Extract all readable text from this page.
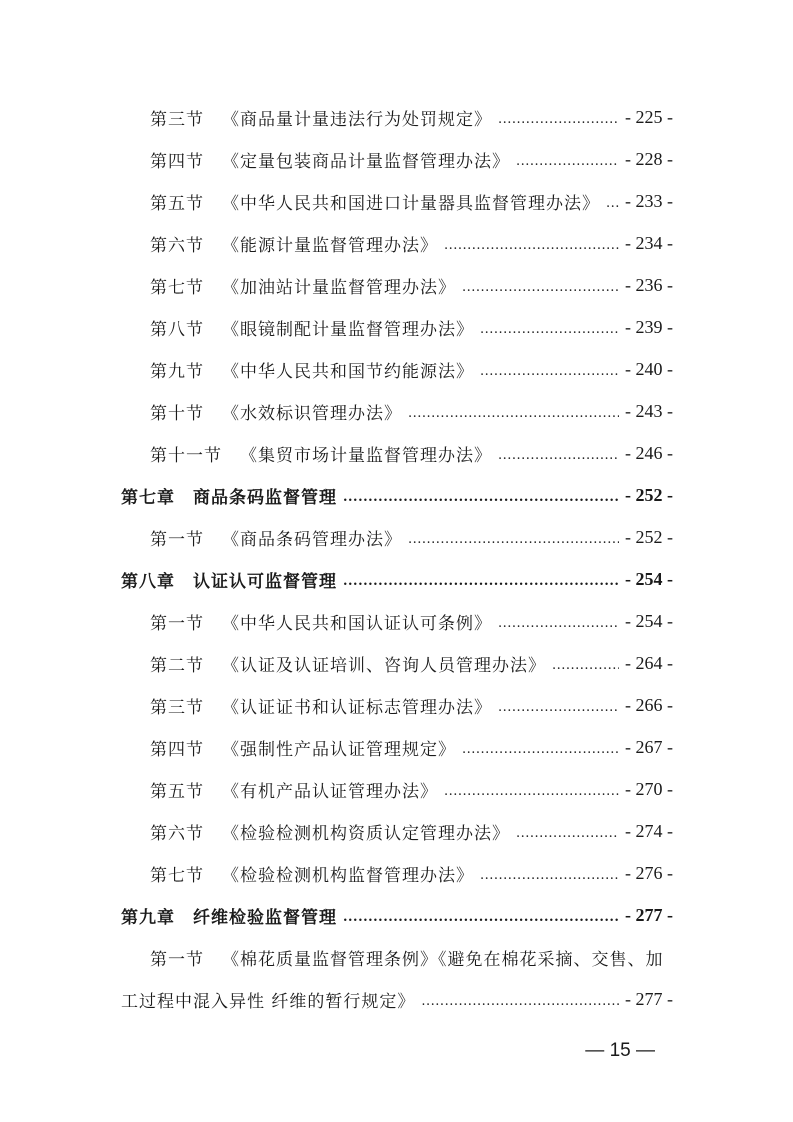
第三节 《商品量计量违法行为处罚规定》 .....	- 225 -
第四节 《定量包装商品计量监督管理办法》 .....	- 228 -
第五节 《中华人民共和国进口计量器具监督管理办法》 ..... - 233 -
第六节 《能源计量监督管理办法》 .....	- 234 -
第七节 《加油站计量监督管理办法》 .....	- 236 -
第八节 《眼镜制配计量监督管理办法》 .....	- 239 -
第九节 《中华人民共和国节约能源法》 .....	- 240 -
第十节 《水效标识管理办法》 .....	- 243 -
第十一节 《集贸市场计量监督管理办法》 .....	- 246 -
第七章 商品条码监督管理 .....	- 252 -
第一节 《商品条码管理办法》 .....	- 252 -
第八章 认证认可监督管理 .....	- 254 -
第一节 《中华人民共和国认证认可条例》 .....	- 254 -
第二节 《认证及认证培训、咨询人员管理办法》 .....	- 264 -
第三节 《认证证书和认证标志管理办法》 .....	- 266 -
第四节 《强制性产品认证管理规定》 .....	- 267 -
第五节 《有机产品认证管理办法》 .....	- 270 -
第六节 《检验检测机构资质认定管理办法》 .....	- 274 -
第七节 《检验检测机构监督管理办法》 .....	- 276 -
第九章 纤维检验监督管理 .....	- 277 -
第一节 《棉花质量监督管理条例》《避免在棉花采摘、交售、加
工过程中混入异性 纤维的暂行规定》 .....	- 277 -
— 15 —
